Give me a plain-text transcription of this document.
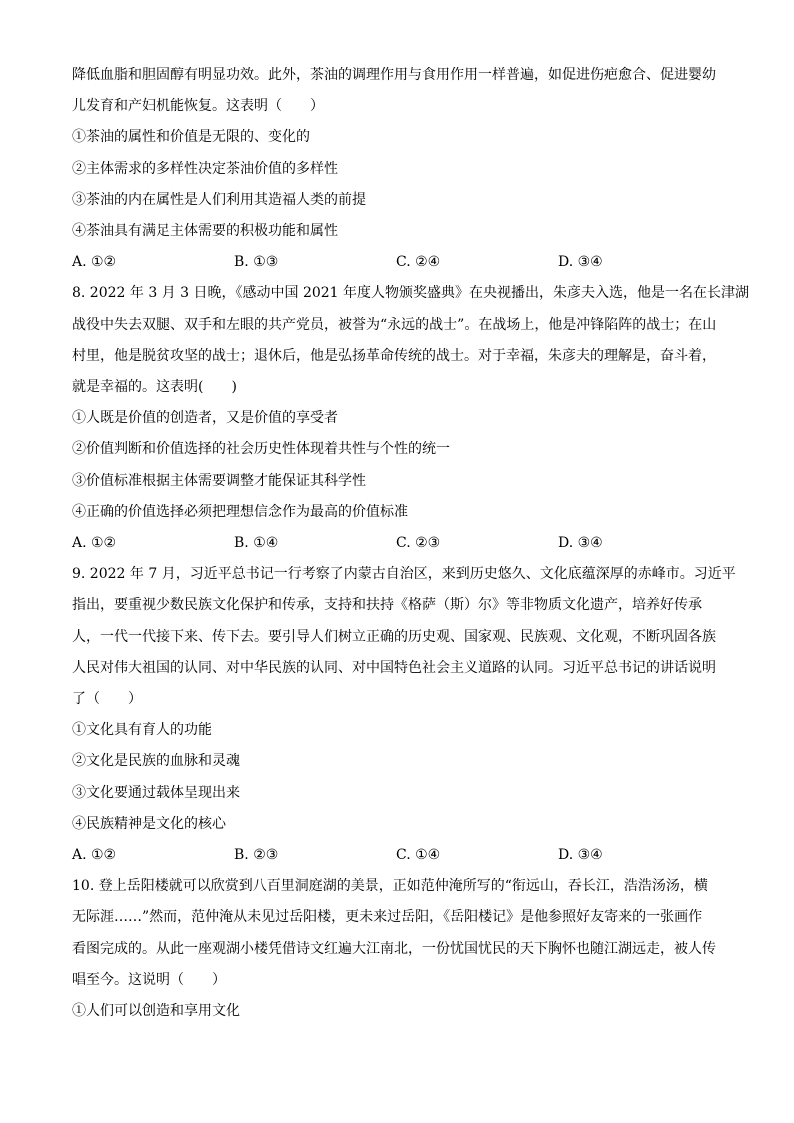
降低血脂和胆固醇有明显功效。此外，茶油的调理作用与食用作用一样普遍，如促进伤疤愈合、促进婴幼
儿发育和产妇机能恢复。这表明（　　）
①茶油的属性和价值是无限的、变化的
②主体需求的多样性决定茶油价值的多样性
③茶油的内在属性是人们利用其造福人类的前提
④茶油具有满足主体需要的积极功能和属性
A. ①②	B. ①③	C. ②④	D. ③④
8. 2022 年 3 月 3 日晚，《感动中国 2021 年度人物颁奖盛典》在央视播出，朱彦夫入选，他是一名在长津湖
战役中失去双腿、双手和左眼的共产党员，被誉为“永远的战士”。在战场上，他是冲锋陷阵的战士；在山
村里，他是脱贫攻坚的战士；退休后，他是弘扬革命传统的战士。对于幸福，朱彦夫的理解是，奋斗着，
就是幸福的。这表明(　　)
①人既是价值的创造者，又是价值的享受者
②价值判断和价值选择的社会历史性体现着共性与个性的统一
③价值标准根据主体需要调整才能保证其科学性
④正确的价值选择必须把理想信念作为最高的价值标准
A. ①②	B. ①④	C. ②③	D. ③④
9. 2022 年 7 月，习近平总书记一行考察了内蒙古自治区，来到历史悠久、文化底蕴深厚的赤峰市。习近平
指出，要重视少数民族文化保护和传承，支持和扶持《格萨（斯）尔》等非物质文化遗产，培养好传承
人，一代一代接下来、传下去。要引导人们树立正确的历史观、国家观、民族观、文化观，不断巩固各族
人民对伟大祖国的认同、对中华民族的认同、对中国特色社会主义道路的认同。习近平总书记的讲话说明
了（　　）
①文化具有育人的功能
②文化是民族的血脉和灵魂
③文化要通过载体呈现出来
④民族精神是文化的核心
A. ①②	B. ②③	C. ①④	D. ③④
10. 登上岳阳楼就可以欣赏到八百里洞庭湖的美景，正如范仲淹所写的“衔远山，吞长江，浩浩汤汤，横
无际涯……”然而，范仲淹从未见过岳阳楼，更未来过岳阳，《岳阳楼记》是他参照好友寄来的一张画作
看图完成的。从此一座观湖小楼凭借诗文红遍大江南北，一份忧国忧民的天下胸怀也随江湖远走，被人传
唱至今。这说明（　　）
①人们可以创造和享用文化
